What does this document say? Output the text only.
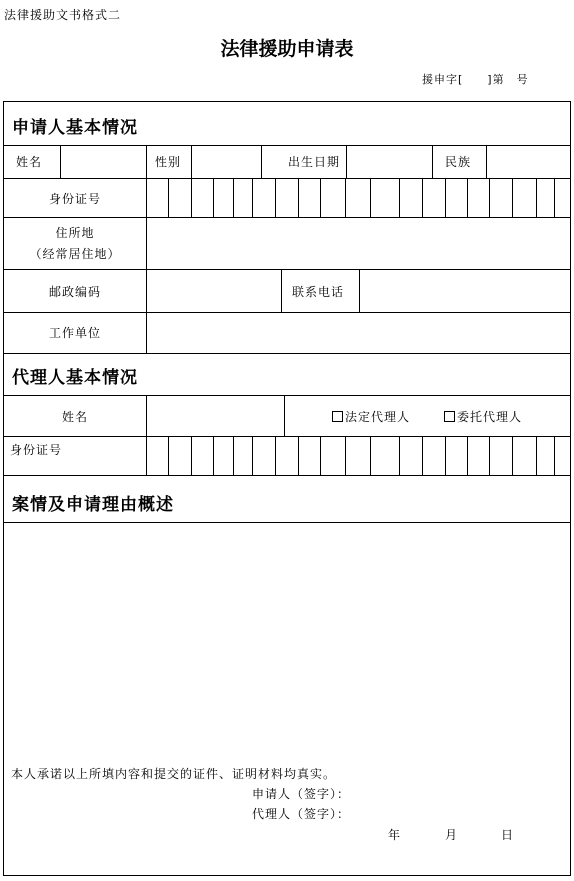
法律援助文书格式二
法律援助申请表
援申字[　　]第　号
申请人基本情况
姓名	性别	出生日期	民族
身份证号
住所地
（经常居住地）
邮政编码	联系电话
工作单位
代理人基本情况
姓名	法定代理人	委托代理人
身份证号
案情及申请理由概述
本人承诺以上所填内容和提交的证件、证明材料均真实。
申请人（签字）：
代理人（签字）：
年	月	日
